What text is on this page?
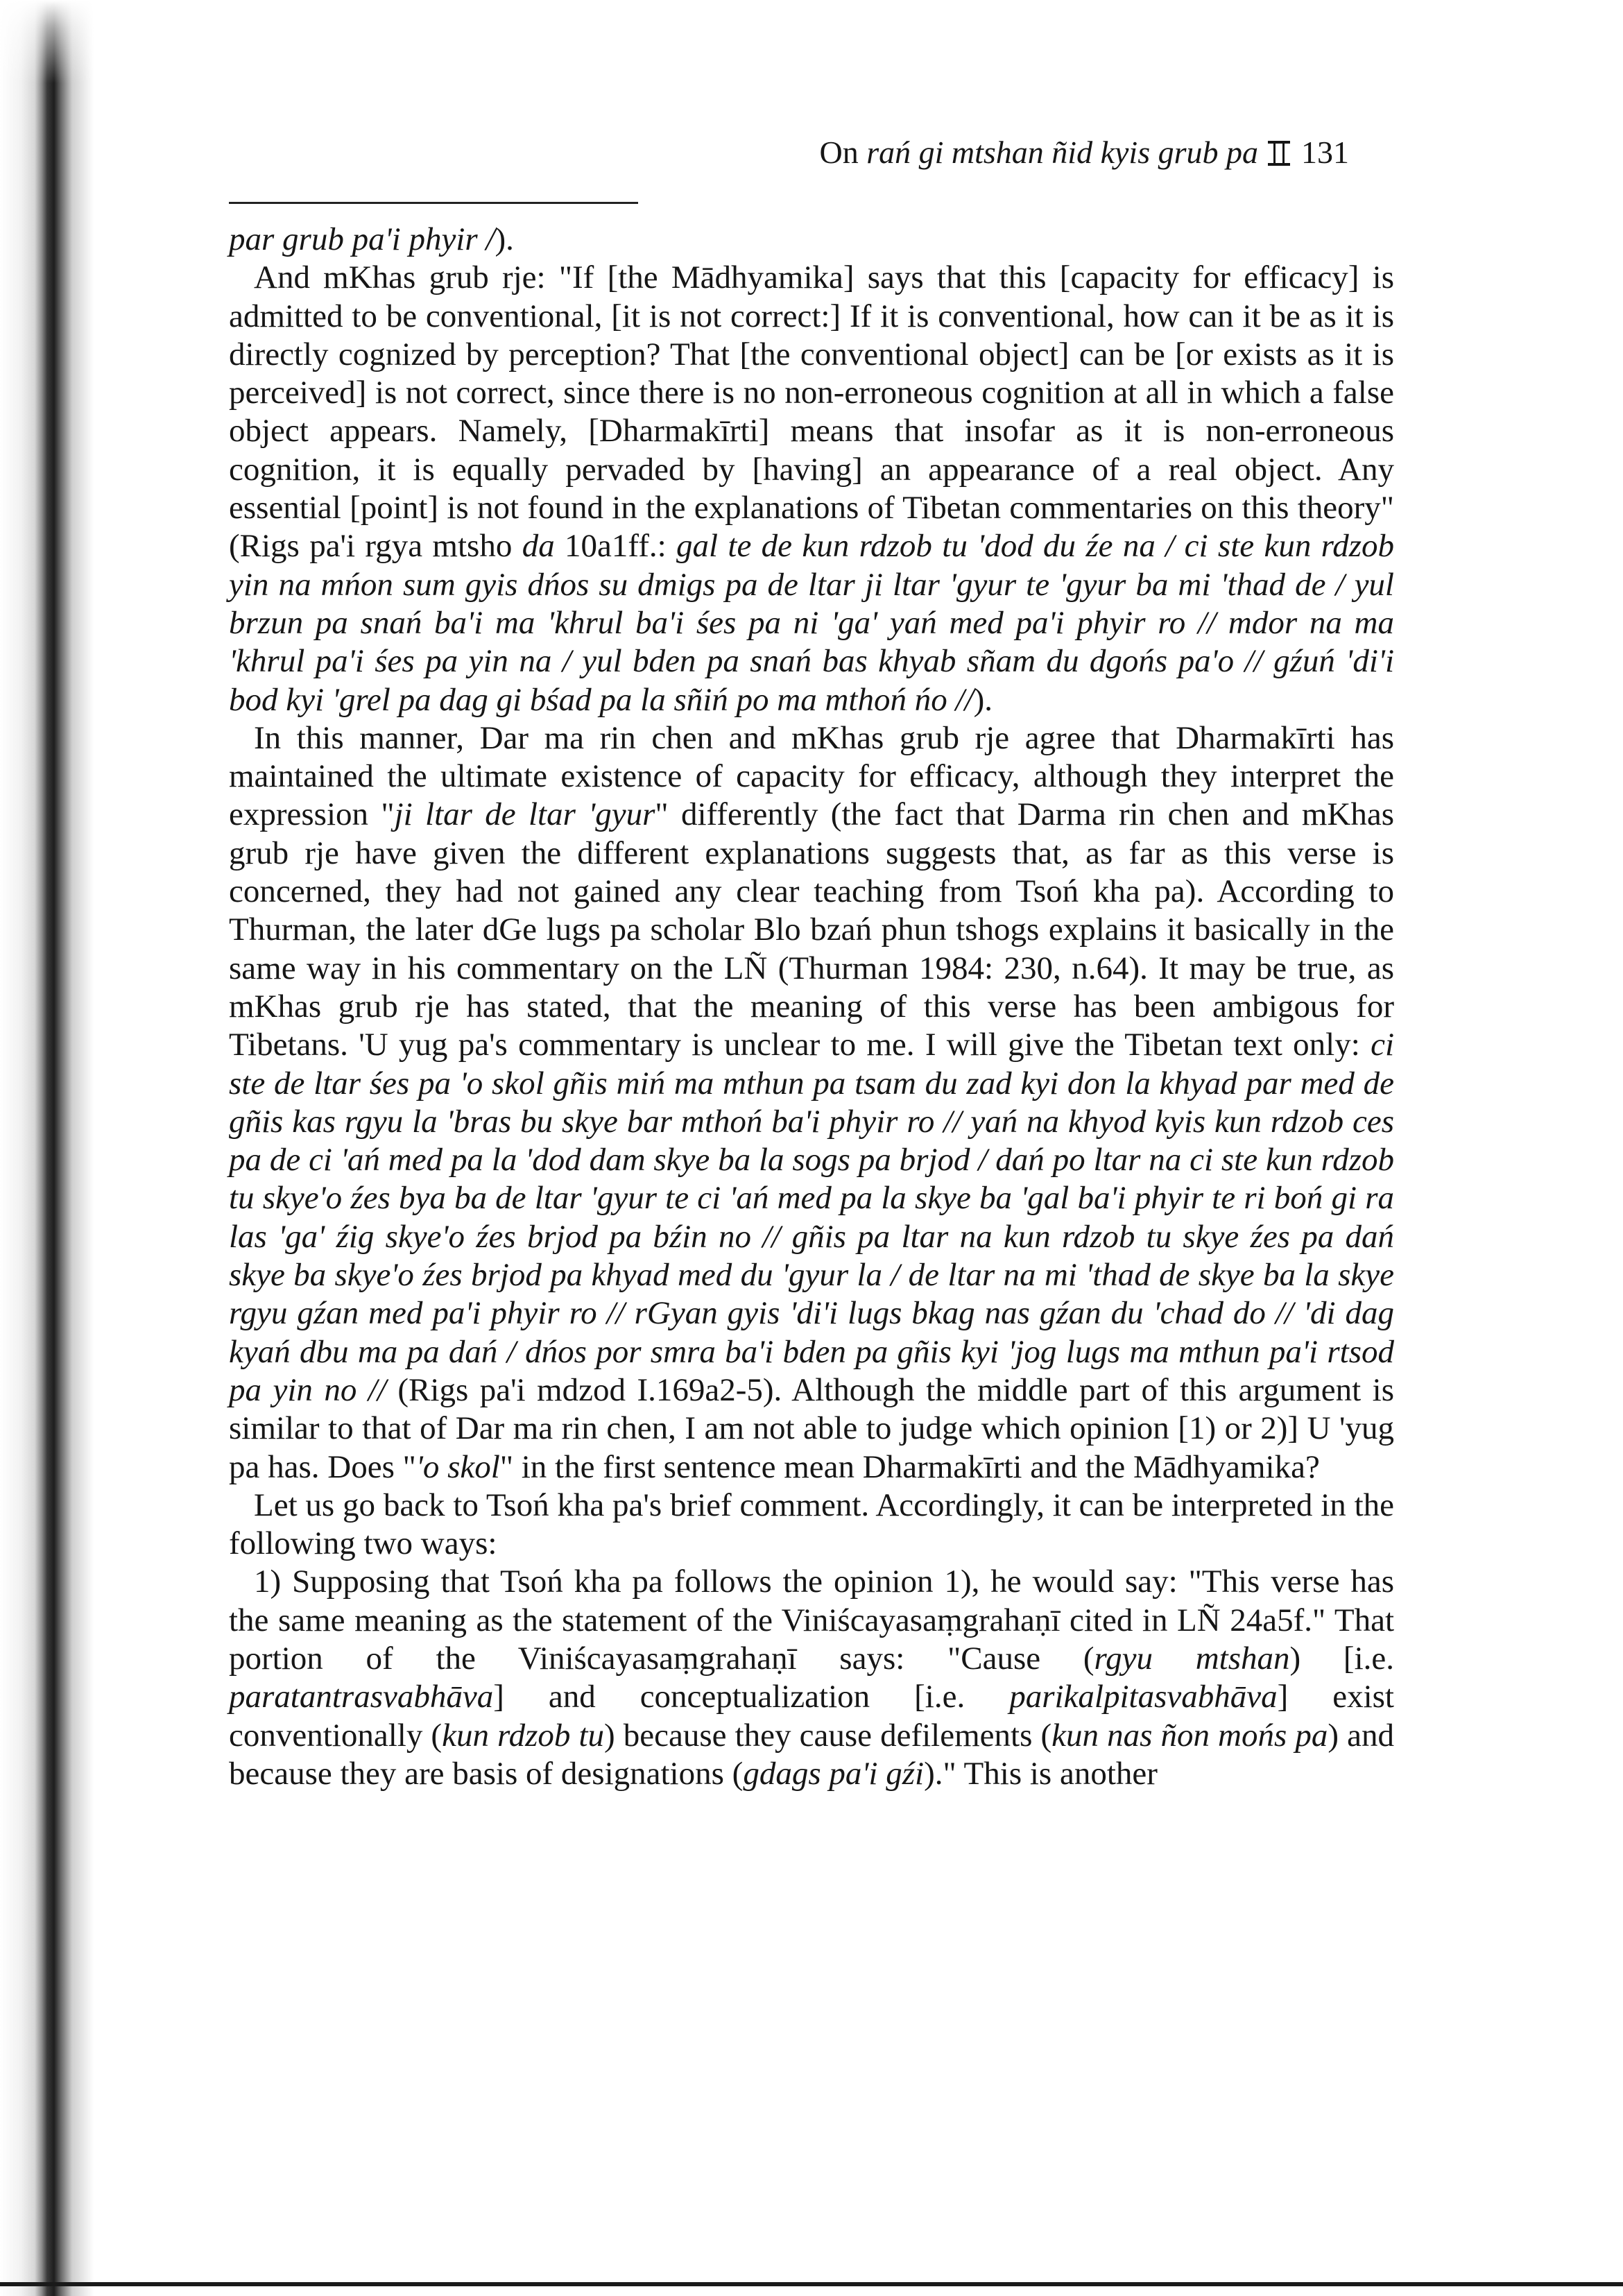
On rań gi mtshan ñid kyis grub pa 131

par grub pa'i phyir /).

And mKhas grub rje: "If [the Mādhyamika] says that this [capacity for efficacy] is admitted to be conventional, [it is not correct:] If it is conventional, how can it be as it is directly cognized by perception? That [the conventional object] can be [or exists as it is perceived] is not correct, since there is no non-erroneous cognition at all in which a false object appears. Namely, [Dharmakīrti] means that insofar as it is non-erroneous cognition, it is equally pervaded by [having] an appearance of a real object. Any essential [point] is not found in the explanations of Tibetan commentaries on this theory" (Rigs pa'i rgya mtsho da 10a1ff.: gal te de kun rdzob tu 'dod du źe na / ci ste kun rdzob yin na mńon sum gyis dńos su dmigs pa de ltar ji ltar 'gyur te 'gyur ba mi 'thad de / yul brzun pa snań ba'i ma 'khrul ba'i śes pa ni 'ga' yań med pa'i phyir ro // mdor na ma 'khrul pa'i śes pa yin na / yul bden pa snań bas khyab sñam du dgońs pa'o // gźuń 'di'i bod kyi 'grel pa dag gi bśad pa la sñiń po ma mthoń ńo //).

In this manner, Dar ma rin chen and mKhas grub rje agree that Dharmakīrti has maintained the ultimate existence of capacity for efficacy, although they interpret the expression "ji ltar de ltar 'gyur" differently (the fact that Darma rin chen and mKhas grub rje have given the different explanations suggests that, as far as this verse is concerned, they had not gained any clear teaching from Tsoń kha pa). According to Thurman, the later dGe lugs pa scholar Blo bzań phun tshogs explains it basically in the same way in his commentary on the LÑ (Thurman 1984: 230, n.64). It may be true, as mKhas grub rje has stated, that the meaning of this verse has been ambigous for Tibetans. 'U yug pa's commentary is unclear to me. I will give the Tibetan text only: ci ste de ltar śes pa 'o skol gñis miń ma mthun pa tsam du zad kyi don la khyad par med de gñis kas rgyu la 'bras bu skye bar mthoń ba'i phyir ro // yań na khyod kyis kun rdzob ces pa de ci 'ań med pa la 'dod dam skye ba la sogs pa brjod / dań po ltar na ci ste kun rdzob tu skye'o źes bya ba de ltar 'gyur te ci 'ań med pa la skye ba 'gal ba'i phyir te ri boń gi ra las 'ga' źig skye'o źes brjod pa bźin no // gñis pa ltar na kun rdzob tu skye źes pa dań skye ba skye'o źes brjod pa khyad med du 'gyur la / de ltar na mi 'thad de skye ba la skye rgyu gźan med pa'i phyir ro // rGyan gyis 'di'i lugs bkag nas gźan du 'chad do // 'di dag kyań dbu ma pa dań / dńos por smra ba'i bden pa gñis kyi 'jog lugs ma mthun pa'i rtsod pa yin no // (Rigs pa'i mdzod I.169a2-5). Although the middle part of this argument is similar to that of Dar ma rin chen, I am not able to judge which opinion [1) or 2)] U 'yug pa has. Does "'o skol" in the first sentence mean Dharmakīrti and the Mādhyamika?

Let us go back to Tsoń kha pa's brief comment. Accordingly, it can be interpreted in the following two ways:

1) Supposing that Tsoń kha pa follows the opinion 1), he would say: "This verse has the same meaning as the statement of the Viniścayasaṃgrahaṇī cited in LÑ 24a5f." That portion of the Viniścayasaṃgrahaṇī says: "Cause (rgyu mtshan) [i.e. paratantrasvabhāva] and conceptualization [i.e. parikalpitasvabhāva] exist conventionally (kun rdzob tu) because they cause defilements (kun nas ñon mońs pa) and because they are basis of designations (gdags pa'i gźi)." This is another
